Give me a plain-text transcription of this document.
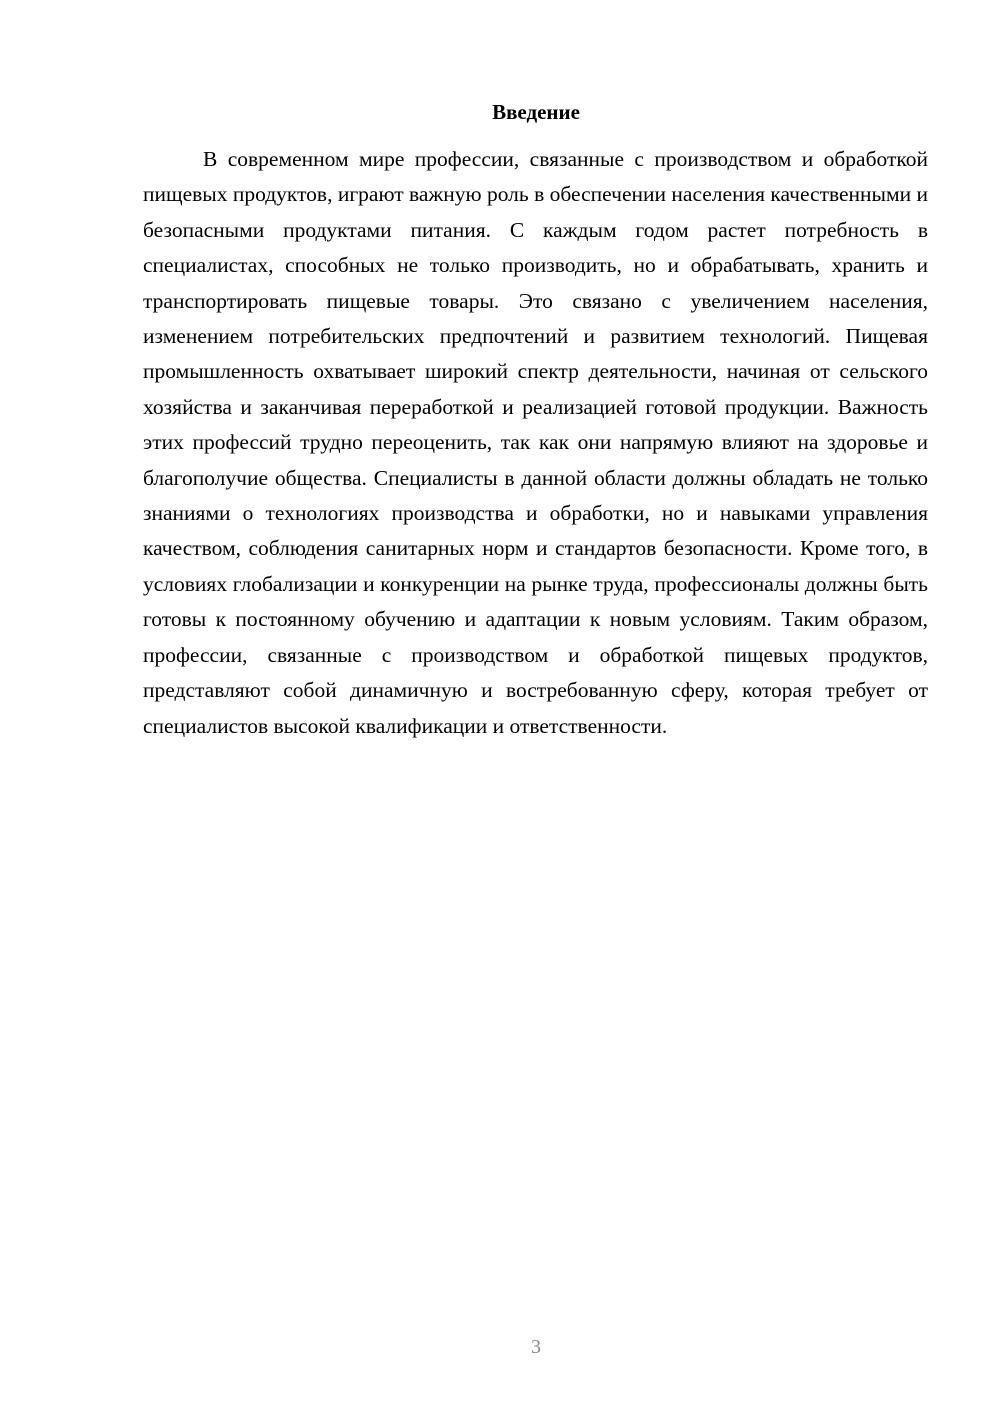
Введение

В современном мире профессии, связанные с производством и обработкой пищевых продуктов, играют важную роль в обеспечении населения качественными и безопасными продуктами питания. С каждым годом растет потребность в специалистах, способных не только производить, но и обрабатывать, хранить и транспортировать пищевые товары. Это связано с увеличением населения, изменением потребительских предпочтений и развитием технологий. Пищевая промышленность охватывает широкий спектр деятельности, начиная от сельского хозяйства и заканчивая переработкой и реализацией готовой продукции. Важность этих профессий трудно переоценить, так как они напрямую влияют на здоровье и благополучие общества. Специалисты в данной области должны обладать не только знаниями о технологиях производства и обработки, но и навыками управления качеством, соблюдения санитарных норм и стандартов безопасности. Кроме того, в условиях глобализации и конкуренции на рынке труда, профессионалы должны быть готовы к постоянному обучению и адаптации к новым условиям. Таким образом, профессии, связанные с производством и обработкой пищевых продуктов, представляют собой динамичную и востребованную сферу, которая требует от специалистов высокой квалификации и ответственности.

3
